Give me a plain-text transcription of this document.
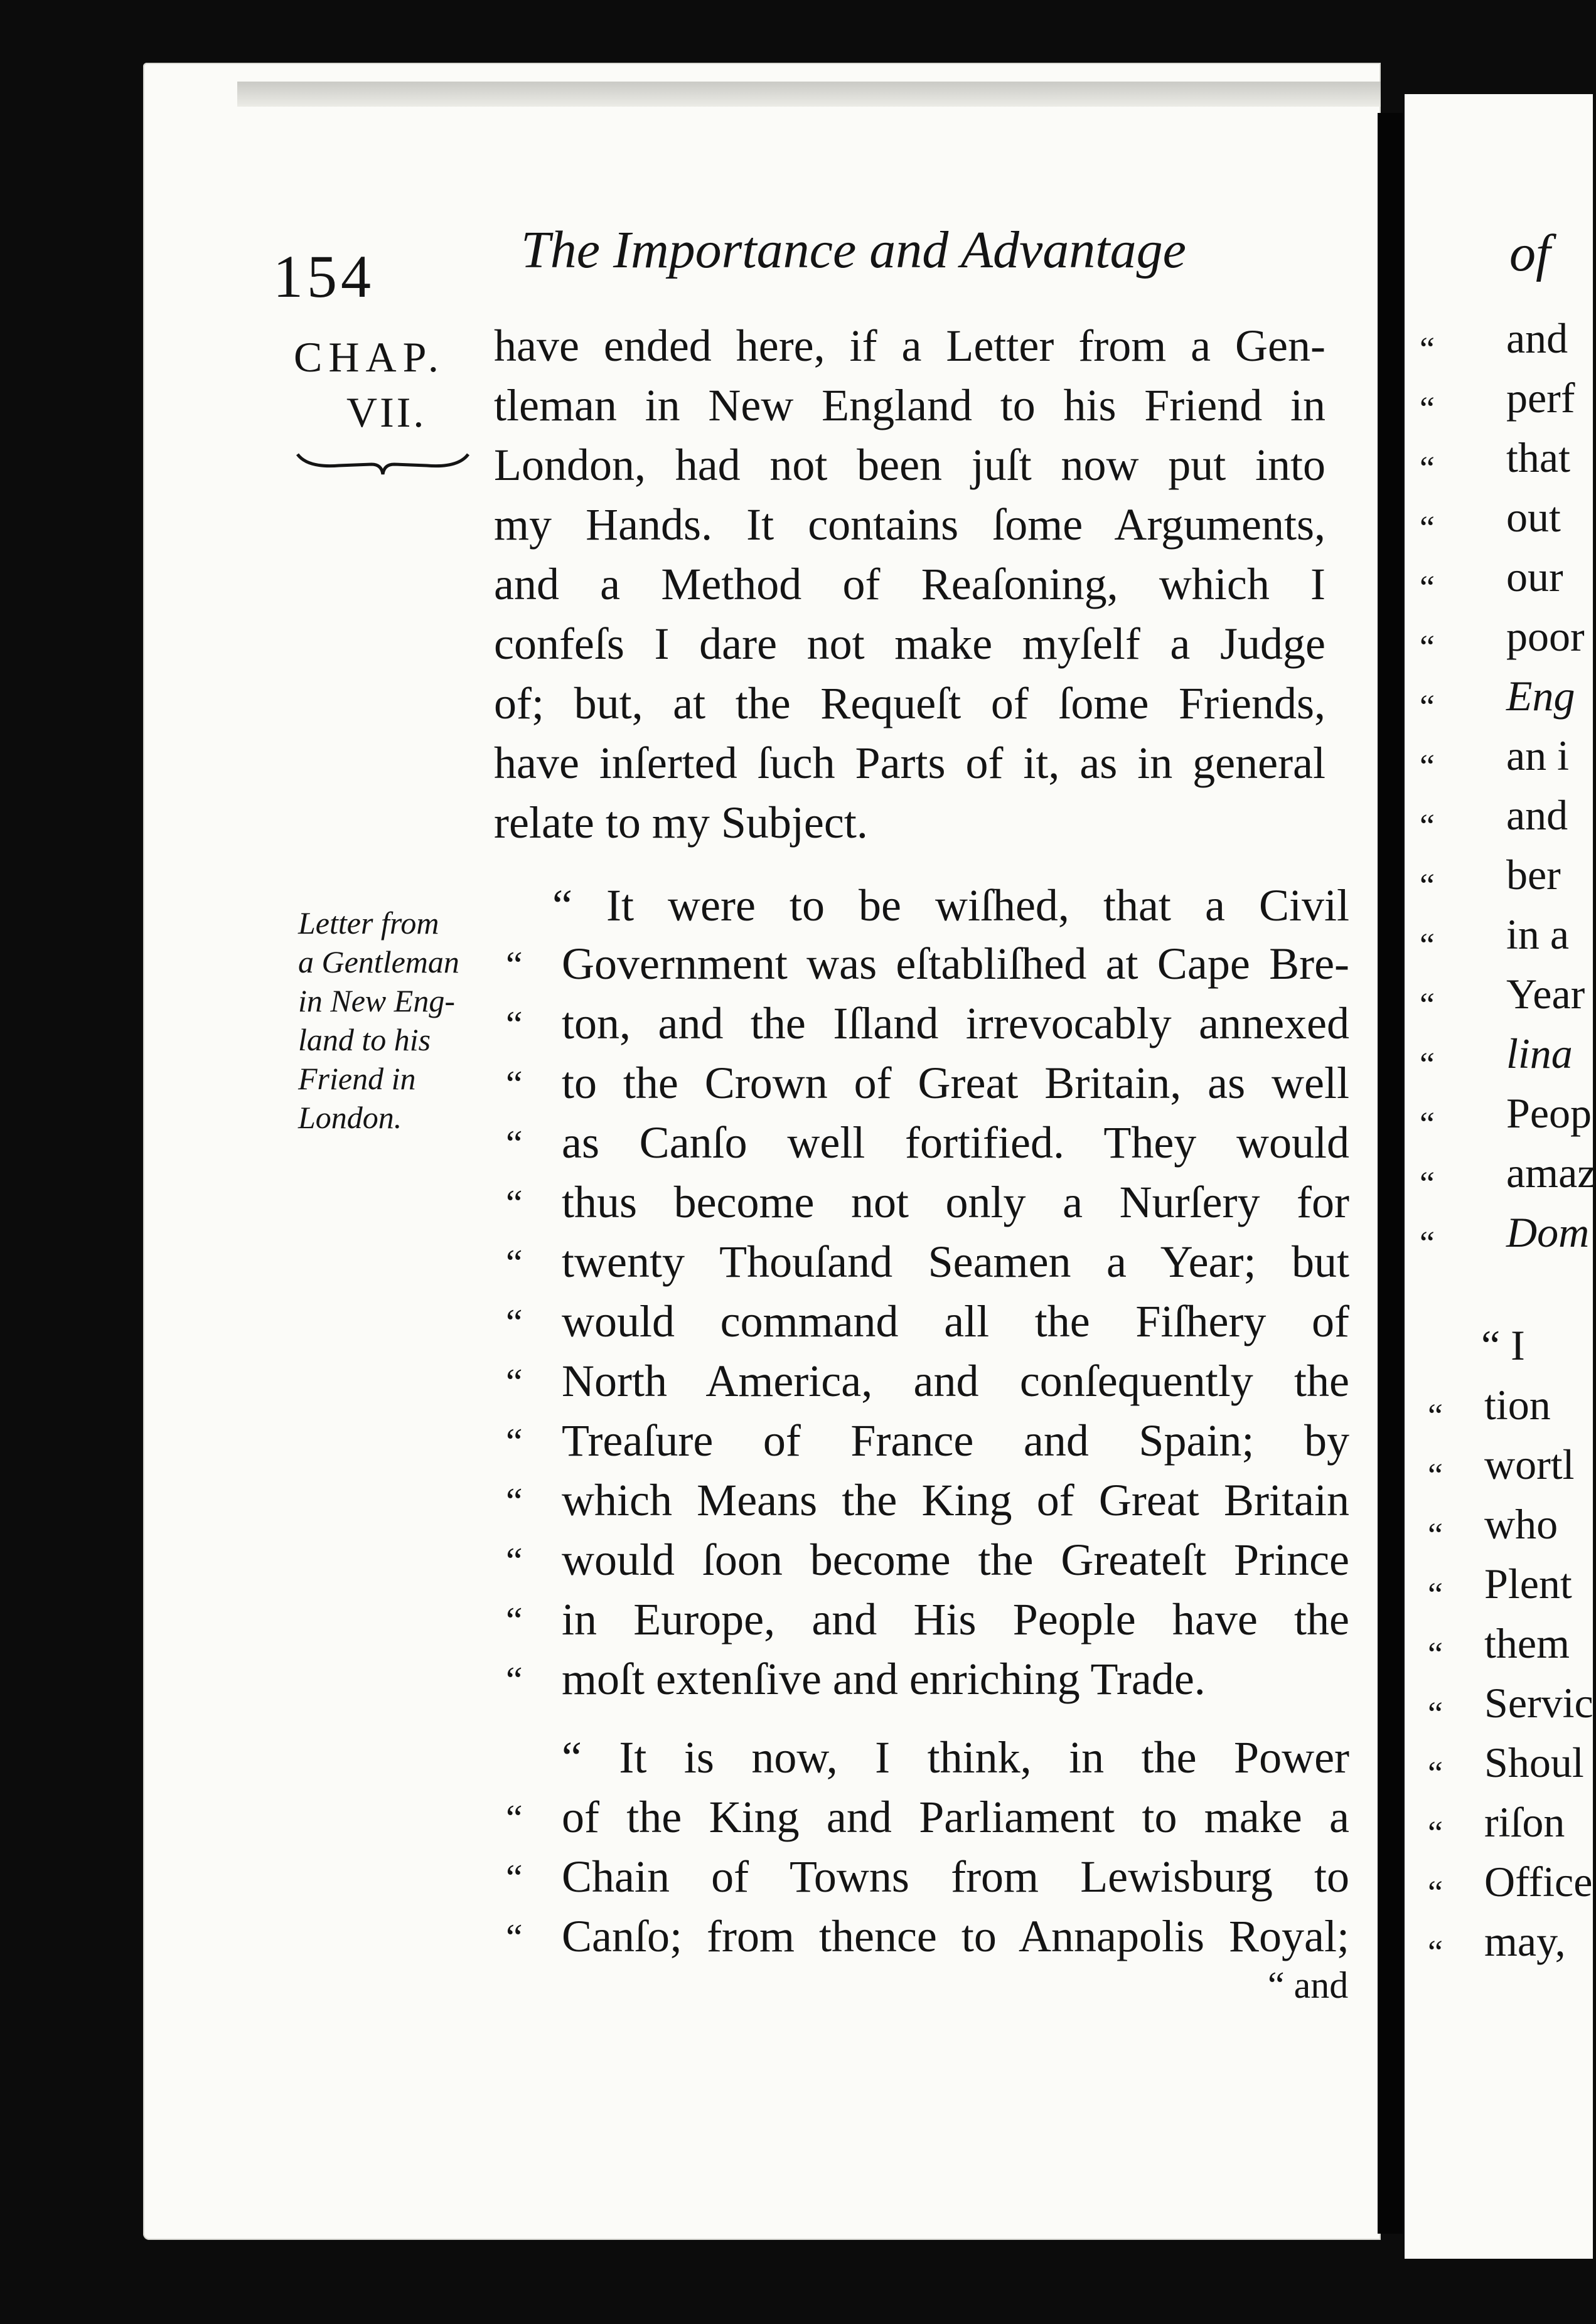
154	The Importance and Advantage
CHAP.
VII.
have ended here, if a Letter from a Gen-
tleman in New England to his Friend in
London, had not been juſt now put into
my Hands. It contains ſome Arguments,
and a Method of Reaſoning, which I
confeſs I dare not make myſelf a Judge
of; but, at the Requeſt of ſome Friends,
have inſerted ſuch Parts of it, as in general
relate to my Subject.
Letter from
a Gentleman
in New Eng-
land to his
Friend in
London.
“ It were to be wiſhed, that a Civil
“ Government was eſtabliſhed at Cape Bre-
“ ton, and the Iſland irrevocably annexed
“ to the Crown of Great Britain, as well
“ as Canſo well fortified. They would
“ thus become not only a Nurſery for
“ twenty Thouſand Seamen a Year; but
“ would command all the Fiſhery of
“ North America, and conſequently the
“ Treaſure of France and Spain; by
“ which Means the King of Great Britain
“ would ſoon become the Greateſt Prince
“ in Europe, and His People have the
“ moſt extenſive and enriching Trade.
“ It is now, I think, in the Power
“ of the King and Parliament to make a
“ Chain of Towns from Lewisburg to
“ Canſo; from thence to Annapolis Royal;
“ and
of
“ and
“ perf
“ that
“ out
“ our
“ poor
“ Eng
“ an i
“ and
“ ber
“ in a
“ Year
“ lina
“ Peop
“ amaz
“ Dom
“ I
“ tion
“ wortl
“ who
“ Plent
“ them
“ Servic
“ Shoul
“ riſon
“ Office
“ may,
